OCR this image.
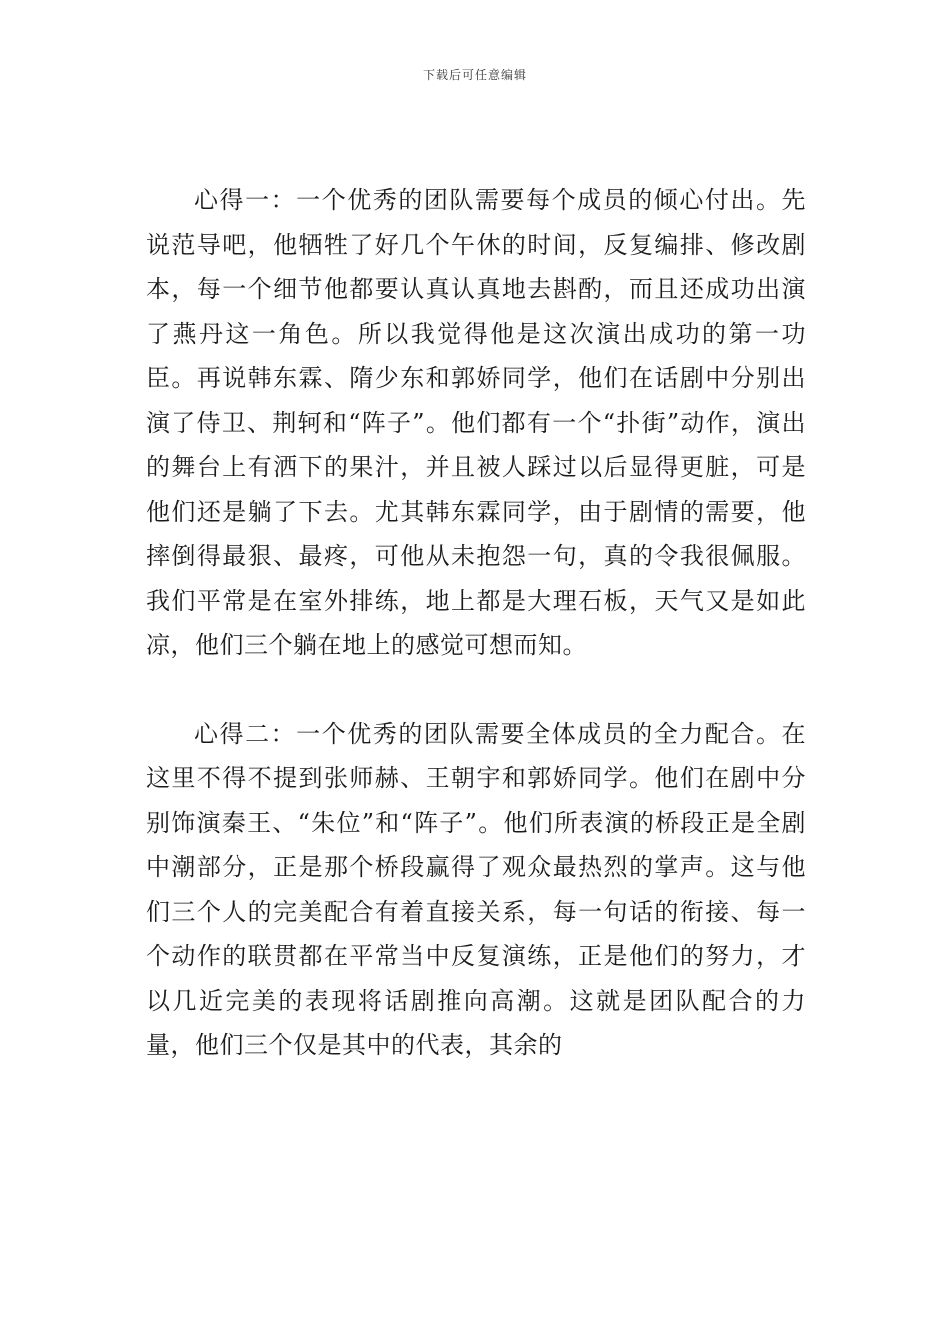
下载后可任意编辑

心得一：一个优秀的团队需要每个成员的倾心付出。先说范导吧，他牺牲了好几个午休的时间，反复编排、修改剧本，每一个细节他都要认真认真地去斟酌，而且还成功出演了燕丹这一角色。所以我觉得他是这次演出成功的第一功臣。再说韩东霖、隋少东和郭娇同学，他们在话剧中分别出演了侍卫、荆轲和“阵子”。他们都有一个“扑街”动作，演出的舞台上有洒下的果汁，并且被人踩过以后显得更脏，可是他们还是躺了下去。尤其韩东霖同学，由于剧情的需要，他摔倒得最狠、最疼，可他从未抱怨一句，真的令我很佩服。我们平常是在室外排练，地上都是大理石板，天气又是如此凉，他们三个躺在地上的感觉可想而知。

心得二：一个优秀的团队需要全体成员的全力配合。在这里不得不提到张师赫、王朝宇和郭娇同学。他们在剧中分别饰演秦王、“朱位”和“阵子”。他们所表演的桥段正是全剧中潮部分，正是那个桥段赢得了观众最热烈的掌声。这与他们三个人的完美配合有着直接关系，每一句话的衔接、每一个动作的联贯都在平常当中反复演练，正是他们的努力，才以几近完美的表现将话剧推向高潮。这就是团队配合的力量，他们三个仅是其中的代表，其余的
